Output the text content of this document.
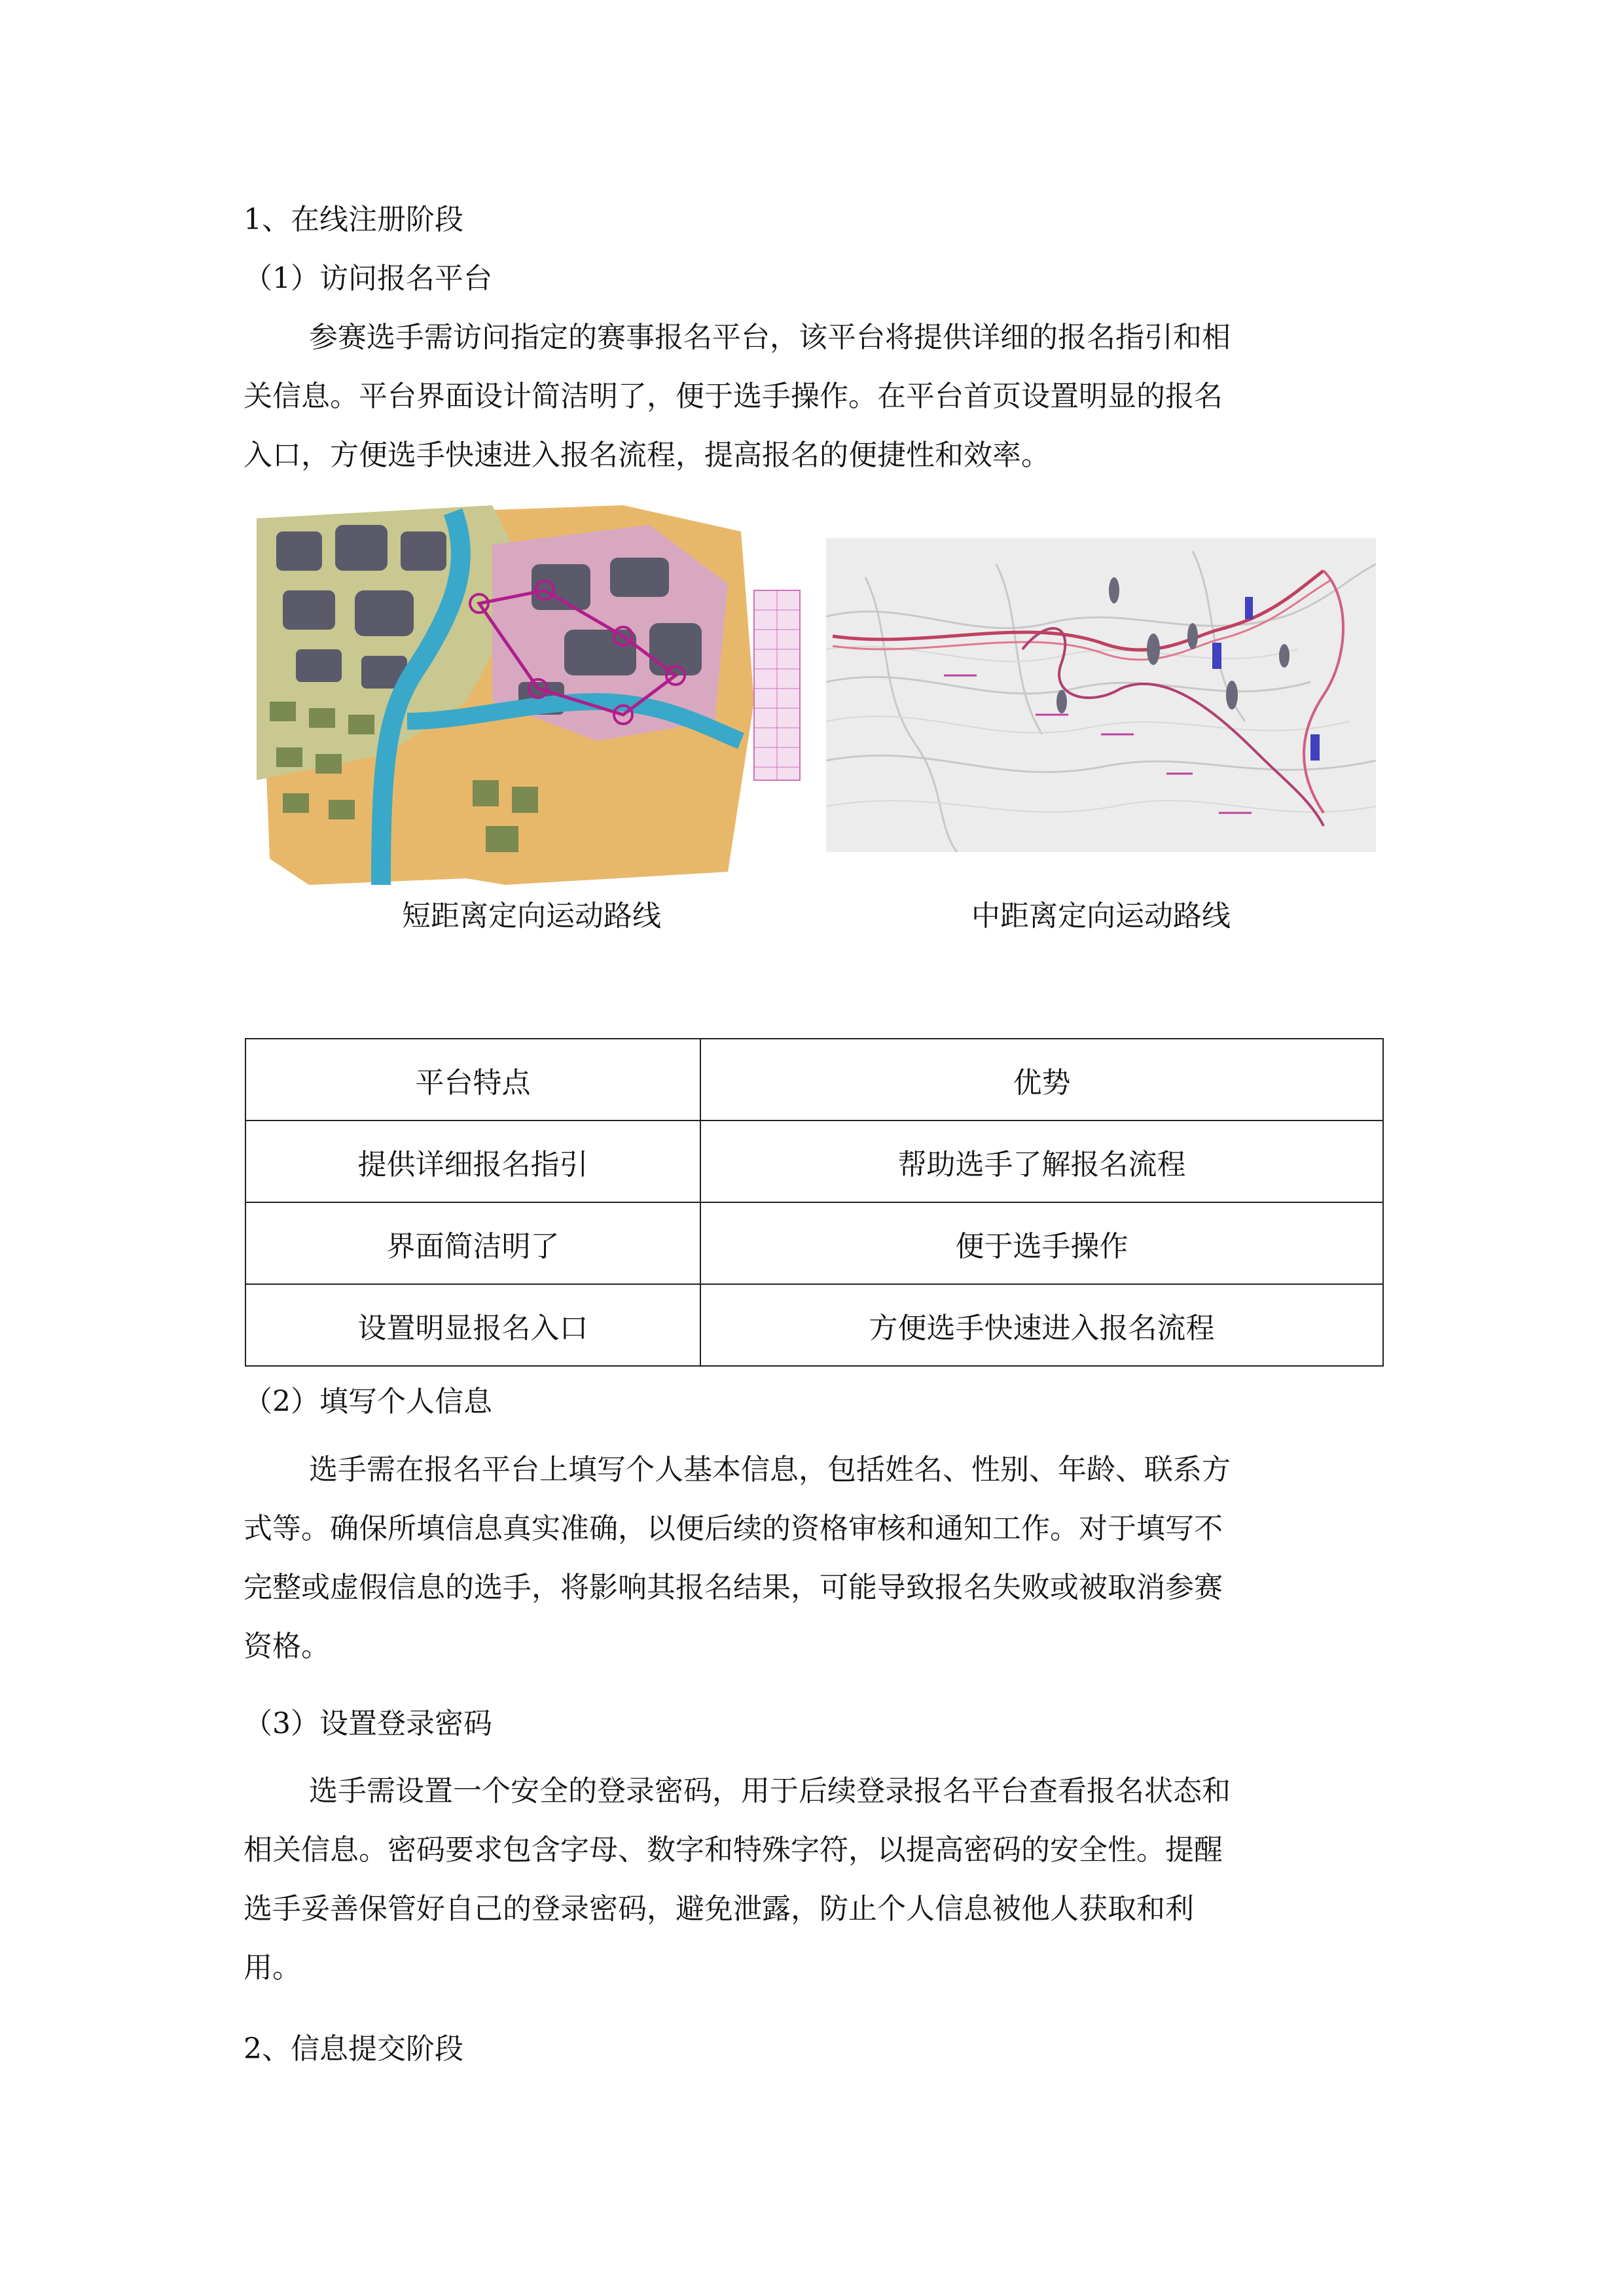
1、在线注册阶段
（1）访问报名平台
参赛选手需访问指定的赛事报名平台，该平台将提供详细的报名指引和相
关信息。平台界面设计简洁明了，便于选手操作。在平台首页设置明显的报名
入口，方便选手快速进入报名流程，提高报名的便捷性和效率。
短距离定向运动路线	中距离定向运动路线
平台特点	优势
提供详细报名指引	帮助选手了解报名流程
界面简洁明了	便于选手操作
设置明显报名入口	方便选手快速进入报名流程
（2）填写个人信息
选手需在报名平台上填写个人基本信息，包括姓名、性别、年龄、联系方
式等。确保所填信息真实准确，以便后续的资格审核和通知工作。对于填写不
完整或虚假信息的选手，将影响其报名结果，可能导致报名失败或被取消参赛
资格。
（3）设置登录密码
选手需设置一个安全的登录密码，用于后续登录报名平台查看报名状态和
相关信息。密码要求包含字母、数字和特殊字符，以提高密码的安全性。提醒
选手妥善保管好自己的登录密码，避免泄露，防止个人信息被他人获取和利
用。
2、信息提交阶段
